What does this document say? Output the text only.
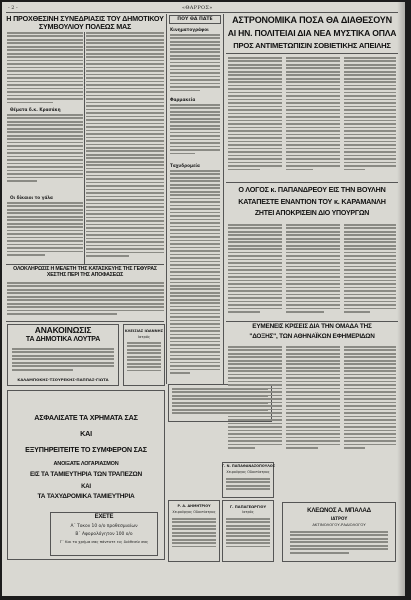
- 2 -	«ΘΑΡΡΟΣ»
Η ΠΡΟΧΘΕΣΙΝΗ ΣΥΝΕΔΡΙΑΣΙΣ ΤΟΥ ΔΗΜΟΤΙΚΟΥ ΣΥΜΒΟΥΛΙΟΥ ΠΟΛΕΩΣ ΜΑΣ
Θέματα δ.κ. Κρασάκη
Οι δίκαιοι το γάλα
ΟΛΟΚΛΗΡΩΣΙΣ Η ΜΕΛΕΤΗ ΤΗΣ ΚΑΤΑΣΚΕΥΗΣ ΤΗΣ ΓΕΦΥΡΑΣ ΧΕΣΤΗΣ ΠΕΡΙ ΤΗΣ ΑΠΟΦΑΣΕΩΣ
ΑΝΑΚΟΙΝΩΣΙΣ
ΤΑ ΔΗΜΟΤΙΚΑ ΛΟΥΤΡΑ
ΚΑΛΑΜΠΟΚΗΣ-ΤΣΟΥΡΕΚΗΣ-ΠΑΠΠΑΣ-ΓΙΩΤΑ
ΚΛΕΙΣΙΑΣ ΙΩΑΝΝΗΣ
Ιατρός
ΑΣΦΑΛΙΣΑΤΕ ΤΑ ΧΡΗΜΑΤΑ ΣΑΣ
ΚΑΙ
ΕΞΥΠΗΡΕΙΤΕΙΤΕ ΤΟ ΣΥΜΦΕΡΟΝ ΣΑΣ
ΑΝΟΙΞΑΤΕ ΛΟΓΑΡΙΑΣΜΟΝ
ΕΙΣ ΤΑ ΤΑΜΙΕΥΤΗΡΙΑ ΤΩΝ ΤΡΑΠΕΖΩΝ
ΚΑΙ
ΤΑ ΤΑΧΥΔΡΟΜΙΚΑ ΤΑΜΙΕΥΤΗΡΙΑ
ΕΧΕΤΕ
Α΄ Τοκον 10 ο/ο προθεσμιαίων
Β΄ Αφορολόγητον 100 ο/ο
Γ΄ Και το χρήμα σας πάντοτε εις διάθεσίν σας
ΠΟΥ ΘΑ ΠΑΤΕ
Κινηματογράφοι
Φαρμακεία
Ταχυδρομεία
Γ. Ν. ΠΑΠΑΘΑΝΑΣΟΠΟΥΛΟΣ
Χειρούργος Οδοντίατρος
Ρ. Α. ΔΗΜΗΤΡΙΟΥ
Χειρούργος Οδοντίατρος
Γ. ΠΑΠΑΓΕΩΡΓΙΟΥ
Ιατρός
ΑΣΤΡΟΝΟΜΙΚΑ ΠΟΣΑ ΘΑ ΔΙΑΘΕΣΟΥΝ
ΑΙ ΗΝ. ΠΟΛΙΤΕΙΑΙ ΔΙΑ ΝΕΑ ΜΥΣΤΙΚΑ ΟΠΛΑ
ΠΡΟΣ ΑΝΤΙΜΕΤΩΠΙΣΙΝ ΣΟΒΙΕΤΙΚΗΣ ΑΠΕΙΛΗΣ
Ο ΛΟΓΟΣ κ. ΠΑΠΑΝΔΡΕΟΥ ΕΙΣ ΤΗΝ ΒΟΥΛΗΝ
ΚΑΤΑΠΕΣΤΕ ΕΝΑΝΤΙΟΝ ΤΟΥ κ. ΚΑΡΑΜΑΝΛΗ
ΖΗΤΕΙ ΑΠΟΚΡΙΣΕΙΝ ΔΙΟ ΥΠΟΥΡΓΩΝ
ΕΥΜΕΝΕΙΣ ΚΡΙΣΕΙΣ ΔΙΑ ΤΗΝ ΟΜΑΔΑ ΤΗΣ
"ΔΟΞΗΣ", ΤΩΝ ΑΘΗΝΑΪΚΩΝ ΕΦΗΜΕΡΙΔΩΝ
ΚΛΕΩΝΟΣ Α. ΜΠΑΛΑΔ
ΙΑΤΡΟΥ
ΑΚΤΙΝΟΛΟΓΟΥ-ΡΑΔΙΟΛΟΓΟΥ
